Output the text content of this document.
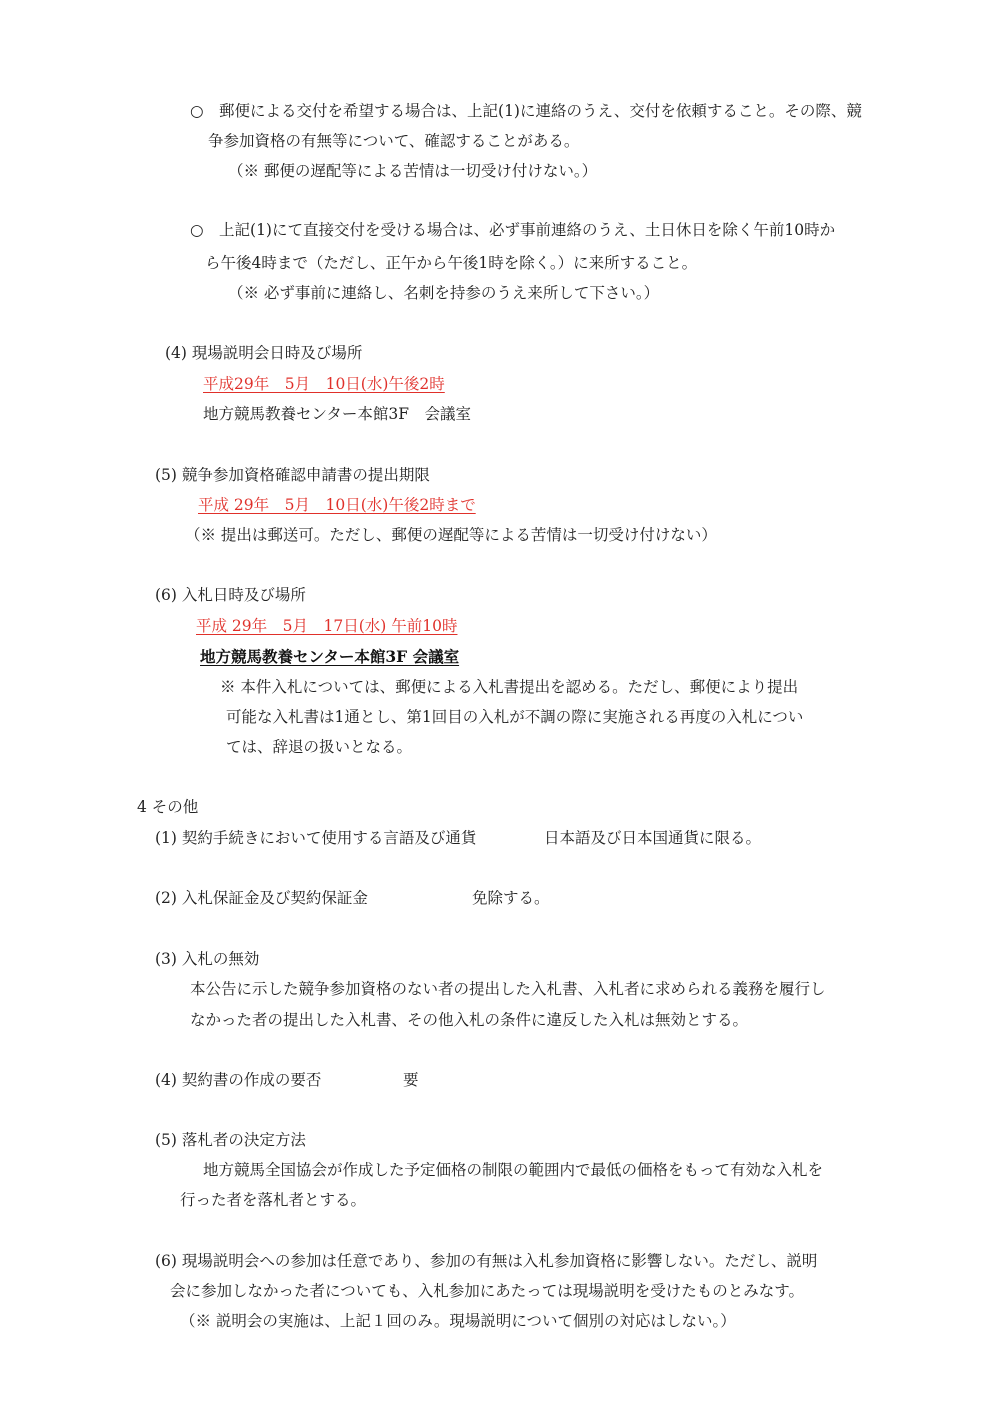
○　郵便による交付を希望する場合は、上記(1)に連絡のうえ、交付を依頼すること。その際、競
争参加資格の有無等について、確認することがある。
（※ 郵便の遅配等による苦情は一切受け付けない。）
○　上記(1)にて直接交付を受ける場合は、必ず事前連絡のうえ、土日休日を除く午前10時か
ら午後4時まで（ただし、正午から午後1時を除く。）に来所すること。
（※ 必ず事前に連絡し、名刺を持参のうえ来所して下さい。）
(4) 現場説明会日時及び場所
平成29年　5月　10日(水)午後2時
地方競馬教養センター本館3F　会議室
(5) 競争参加資格確認申請書の提出期限
平成 29年　5月　10日(水)午後2時まで
（※ 提出は郵送可。ただし、郵便の遅配等による苦情は一切受け付けない）
(6) 入札日時及び場所
平成 29年　5月　17日(水) 午前10時
地方競馬教養センター本館3F 会議室
※ 本件入札については、郵便による入札書提出を認める。ただし、郵便により提出
可能な入札書は1通とし、第1回目の入札が不調の際に実施される再度の入札につい
ては、辞退の扱いとなる。
4 その他
(1) 契約手続きにおいて使用する言語及び通貨	日本語及び日本国通貨に限る。
(2) 入札保証金及び契約保証金	免除する。
(3) 入札の無効
本公告に示した競争参加資格のない者の提出した入札書、入札者に求められる義務を履行し
なかった者の提出した入札書、その他入札の条件に違反した入札は無効とする。
(4) 契約書の作成の要否	要
(5) 落札者の決定方法
地方競馬全国協会が作成した予定価格の制限の範囲内で最低の価格をもって有効な入札を
行った者を落札者とする。
(6) 現場説明会への参加は任意であり、参加の有無は入札参加資格に影響しない。ただし、説明
会に参加しなかった者についても、入札参加にあたっては現場説明を受けたものとみなす。
（※ 説明会の実施は、上記１回のみ。現場説明について個別の対応はしない。）
